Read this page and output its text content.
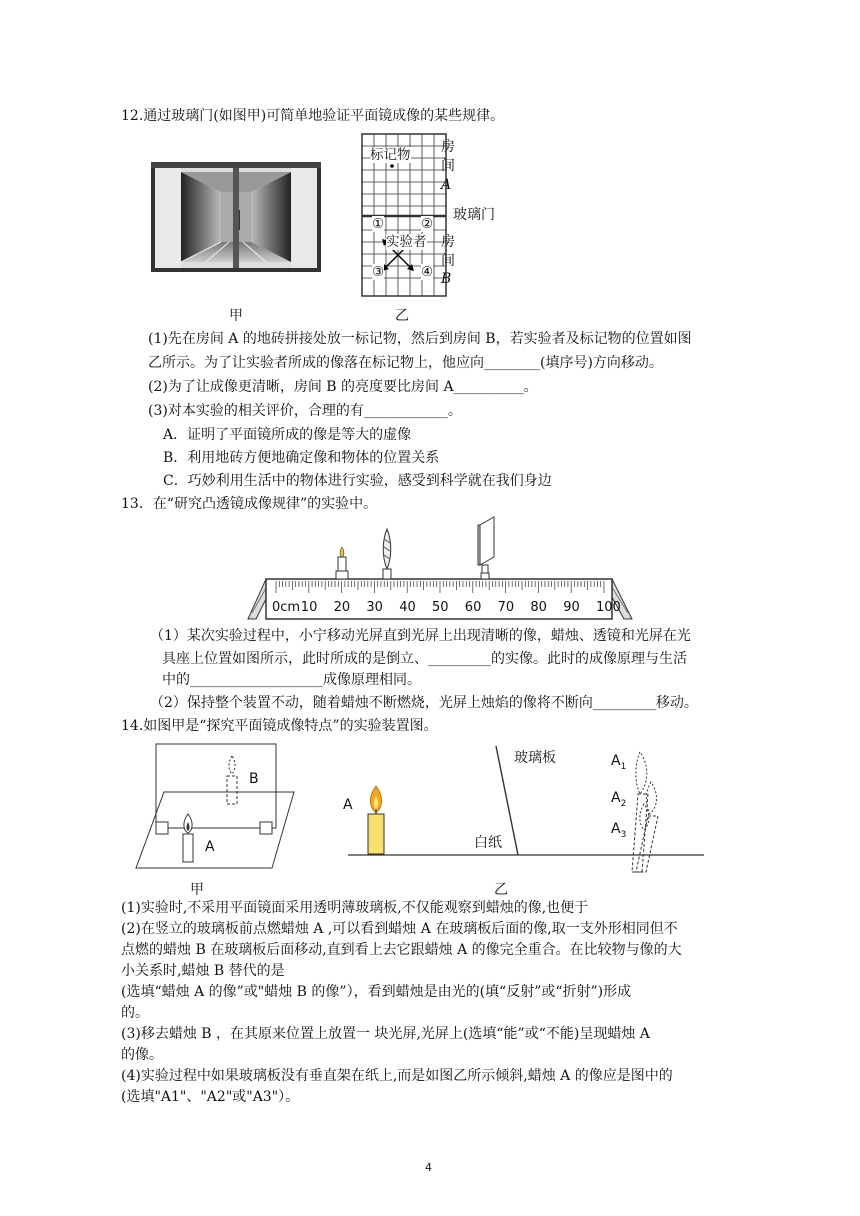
12.通过玻璃门(如图甲)可简单地验证平面镜成像的某些规律。
甲
标记物
实验者
①	②
③	④
房
间
A
玻璃门
房
间
B
乙
(1)先在房间 A 的地砖拼接处放一标记物，然后到房间 B，若实验者及标记物的位置如图
乙所示。为了让实验者所成的像落在标记物上，他应向________(填序号)方向移动。
(2)为了让成像更清晰，房间 B 的亮度要比房间 A__________。
(3)对本实验的相关评价，合理的有____________。
A．证明了平面镜所成的像是等大的虚像
B．利用地砖方便地确定像和物体的位置关系
C．巧妙利用生活中的物体进行实验，感受到科学就在我们身边
13．在“研究凸透镜成像规律”的实验中。
0cm 10 20 30 40 50 60 70 80 90 100
（1）某次实验过程中，小宁移动光屏直到光屏上出现清晰的像，蜡烛、透镜和光屏在光
具座上位置如图所示，此时所成的是倒立、_________的实像。此时的成像原理与生活
中的___________________成像原理相同。
（2）保持整个装置不动，随着蜡烛不断燃烧，光屏上烛焰的像将不断向_________移动。
14.如图甲是“探究平面镜成像特点”的实验装置图。
B
A
甲
A
玻璃板
白纸
$A_1$
$A_2$
$A_3$
乙
(1)实验时,不采用平面镜面采用透明薄玻璃板,不仅能观察到蜡烛的像,也便于
(2)在竖立的玻璃板前点燃蜡烛 A ,可以看到蜡烛 A 在玻璃板后面的像,取一支外形相同但不
点燃的蜡烛 B 在玻璃板后面移动,直到看上去它跟蜡烛 A 的像完全重合。在比较物与像的大
小关系时,蜡烛 B 替代的是
(选填“蜡烛 A 的像”或"蜡烛 B 的像”），看到蜡烛是由光的(填“反射”或“折射”)形成
的。
(3)移去蜡烛 B ，在其原来位置上放置一 块光屏,光屏上(选填“能”或“不能)呈现蜡烛 A
的像。
(4)实验过程中如果玻璃板没有垂直架在纸上,而是如图乙所示倾斜,蜡烛 A 的像应是图中的
(选填"A1"、"A2"或"A3"）。
4
